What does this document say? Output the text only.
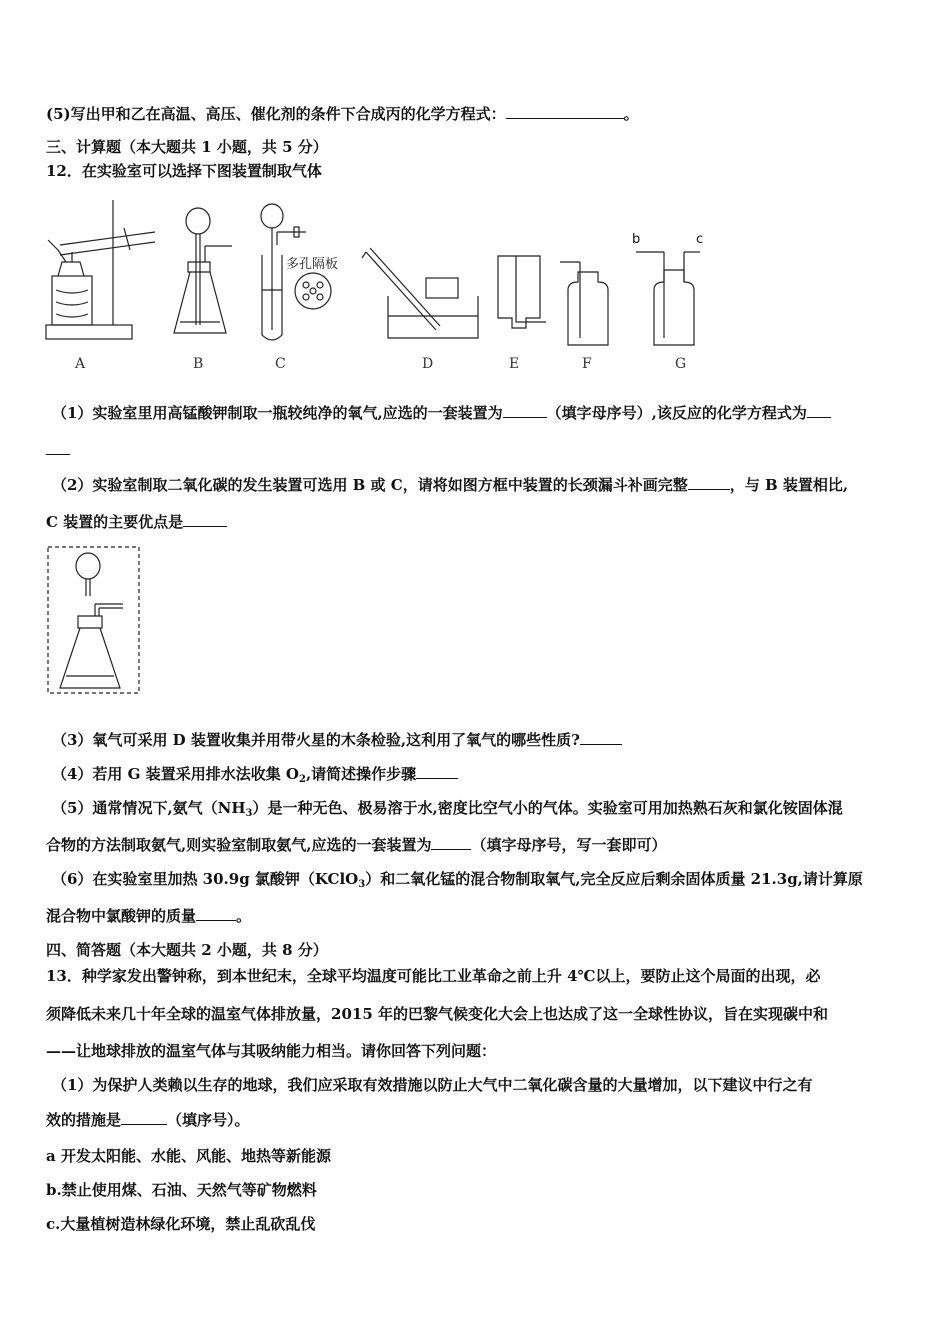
(5)写出甲和乙在高温、高压、催化剂的条件下合成丙的化学方程式：	。
三、计算题（本大题共 1 小题，共 5 分）
12．在实验室可以选择下图装置制取气体
A	B	C	D	E	F	G
多孔隔板
b	c
（1）实验室里用高锰酸钾制取一瓶较纯净的氧气,应选的一套装置为	（填字母序号）,该反应的化学方程式为
（2）实验室制取二氧化碳的发生装置可选用 B 或 C，请将如图方框中装置的长颈漏斗补画完整	，与 B 装置相比,
C 装置的主要优点是
（3）氧气可采用 D 装置收集并用带火星的木条检验,这利用了氧气的哪些性质?
（4）若用 G 装置采用排水法收集 $O_2$,请简述操作步骤
（5）通常情况下,氨气$(NH_3)$是一种无色、极易溶于水,密度比空气小的气体。实验室可用加热熟石灰和氯化铵固体混
合物的方法制取氨气,则实验室制取氨气,应选的一套装置为	（填字母序号，写一套即可）
（6）在实验室里加热 30.9g 氯酸钾（KClO$_3$）和二氧化锰的混合物制取氧气,完全反应后剩余固体质量 21.3g,请计算原
混合物中氯酸钾的质量	。
四、简答题（本大题共 2 小题，共 8 分）
13．种学家发出警钟称，到本世纪末，全球平均温度可能比工业革命之前上升 4℃以上，要防止这个局面的出现，必
须降低未来几十年全球的温室气体排放量，2015 年的巴黎气候变化大会上也达成了这一全球性协议，旨在实现碳中和
——让地球排放的温室气体与其吸纳能力相当。请你回答下列问题：
（1）为保护人类赖以生存的地球，我们应采取有效措施以防止大气中二氧化碳含量的大量增加，以下建议中行之有
效的措施是	（填序号）。
a 开发太阳能、水能、风能、地热等新能源
b.禁止使用煤、石油、天然气等矿物燃料
c.大量植树造林绿化环境，禁止乱砍乱伐
